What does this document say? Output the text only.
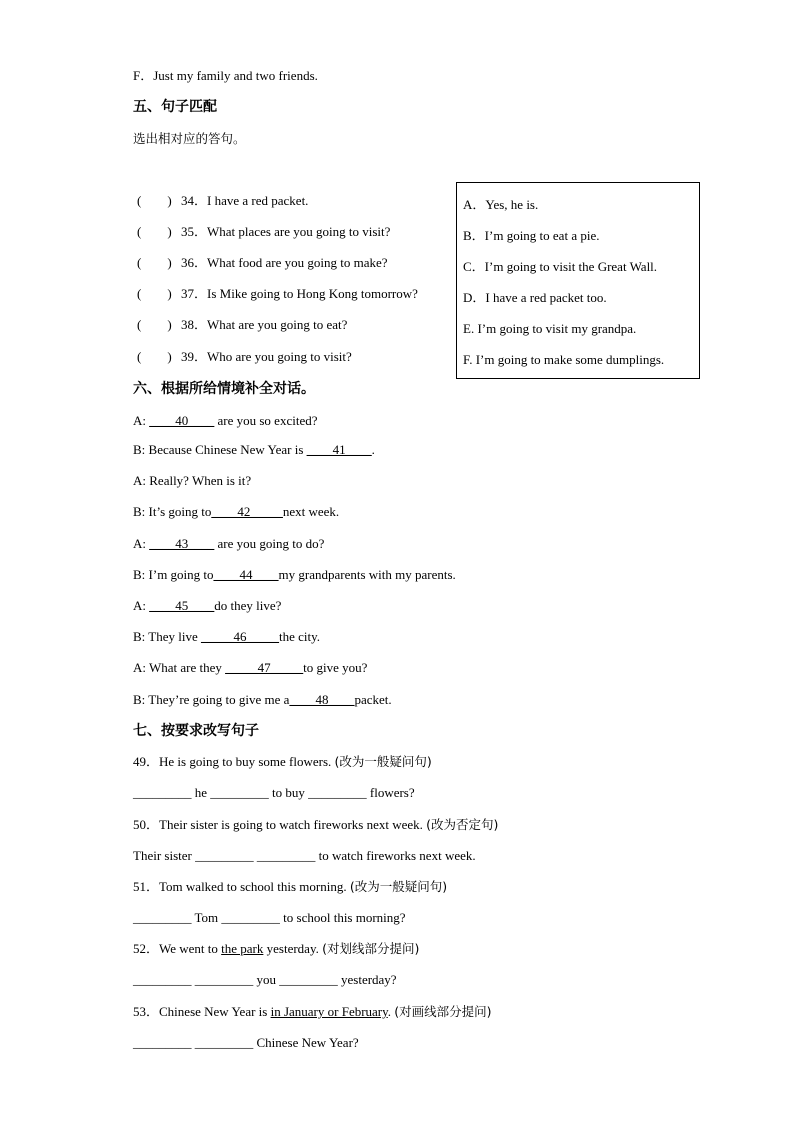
F．Just my family and two friends.
五、句子匹配
选出相对应的答句。
(　　) 34．I have a red packet.
(　　) 35．What places are you going to visit?
(　　) 36．What food are you going to make?
(　　) 37．Is Mike going to Hong Kong tomorrow?
(　　) 38．What are you going to eat?
(　　) 39．Who are you going to visit?
A．Yes, he is.
B．I’m going to eat a pie.
C．I’m going to visit the Great Wall.
D．I have a red packet too.
E. I’m going to visit my grandpa.
F. I’m going to make some dumplings.
六、根据所给情境补全对话。
A: ____40____ are you so excited?
B: Because Chinese New Year is ____41____.
A: Really? When is it?
B: It’s going to____42_____next week.
A: ____43____ are you going to do?
B: I’m going to____44____my grandparents with my parents.
A: ____45____do they live?
B: They live _____46_____the city.
A: What are they _____47_____to give you?
B: They’re going to give me a____48____packet.
七、按要求改写句子
49．He is going to buy some flowers. (改为一般疑问句)
_________ he _________ to buy _________ flowers?
50．Their sister is going to watch fireworks next week. (改为否定句)
Their sister _________ _________ to watch fireworks next week.
51．Tom walked to school this morning. (改为一般疑问句)
_________ Tom _________ to school this morning?
52．We went to the park yesterday. (对划线部分提问)
_________ _________ you _________ yesterday?
53．Chinese New Year is in January or February. (对画线部分提问)
_________ _________ Chinese New Year?
